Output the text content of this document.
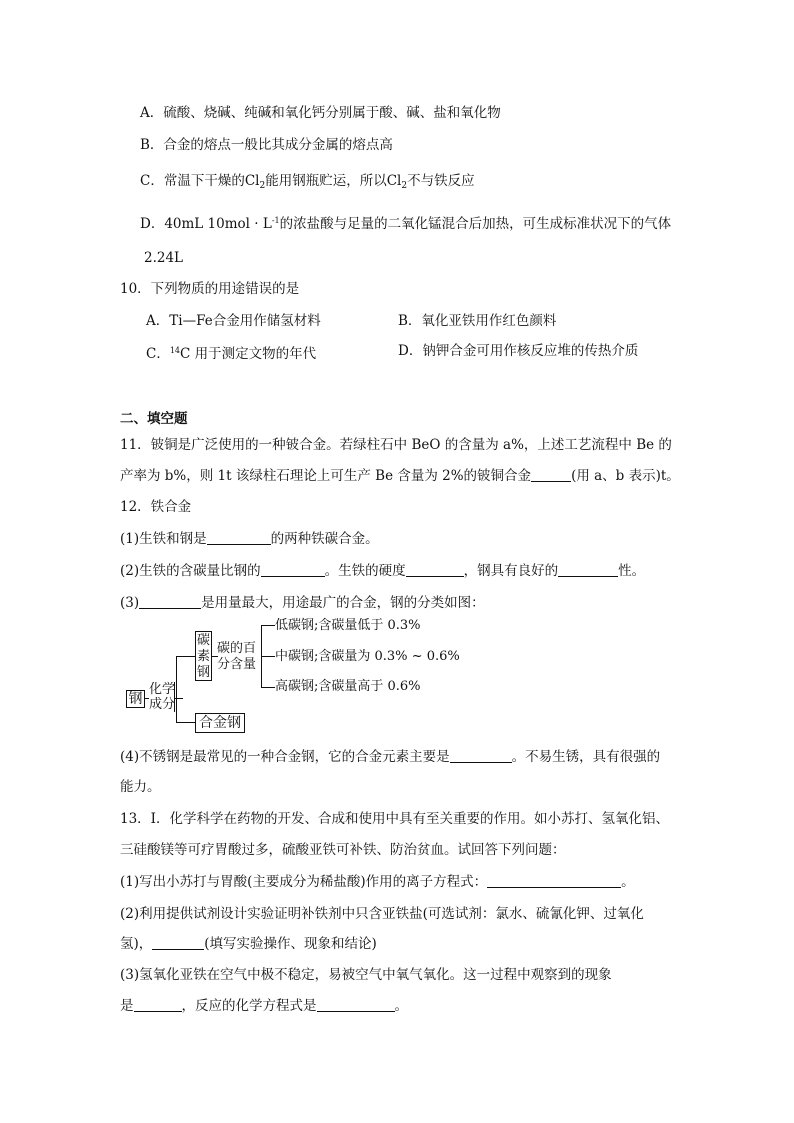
A．硫酸、烧碱、纯碱和氧化钙分别属于酸、碱、盐和氧化物
B．合金的熔点一般比其成分金属的熔点高
C．常温下干燥的$Cl_2$能用钢瓶贮运，所以$Cl_2$不与铁反应
D．40mL $10mol \cdot L^{-1}$的浓盐酸与足量的二氧化锰混合后加热，可生成标准状况下的气体
2.24L
10．下列物质的用途错误的是
A．Ti—Fe合金用作储氢材料	B．氧化亚铁用作红色颜料
C．$^{14}$C 用于测定文物的年代	D．钠钾合金可用作核反应堆的传热介质
二、填空题
11．铍铜是广泛使用的一种铍合金。若绿柱石中 BeO 的含量为 a%，上述工艺流程中 Be 的
产率为 b%，则 1t 该绿柱石理论上可生产 Be 含量为 2%的铍铜合金	(用 a、b 表示)t。
12．铁合金
(1)生铁和钢是	的两种铁碳合金。
(2)生铁的含碳量比钢的	。生铁的硬度	，钢具有良好的	性。
(3)	是用量最大，用途最广的合金，钢的分类如图：
钢
化学成分
碳素钢
碳的百分含量
低碳钢;含碳量低于 0.3%
中碳钢;含碳量为 0.3% ~ 0.6%
高碳钢;含碳量高于 0.6%
合金钢
(4)不锈钢是最常见的一种合金钢，它的合金元素主要是	。不易生锈，具有很强的
能力。
13．I．化学科学在药物的开发、合成和使用中具有至关重要的作用。如小苏打、氢氧化铝、
三硅酸镁等可疗胃酸过多，硫酸亚铁可补铁、防治贫血。试回答下列问题：
(1)写出小苏打与胃酸(主要成分为稀盐酸)作用的离子方程式：	。
(2)利用提供试剂设计实验证明补铁剂中只含亚铁盐(可选试剂：氯水、硫氰化钾、过氧化
氢)，	(填写实验操作、现象和结论)
(3)氢氧化亚铁在空气中极不稳定，易被空气中氧气氧化。这一过程中观察到的现象
是	，反应的化学方程式是	。
